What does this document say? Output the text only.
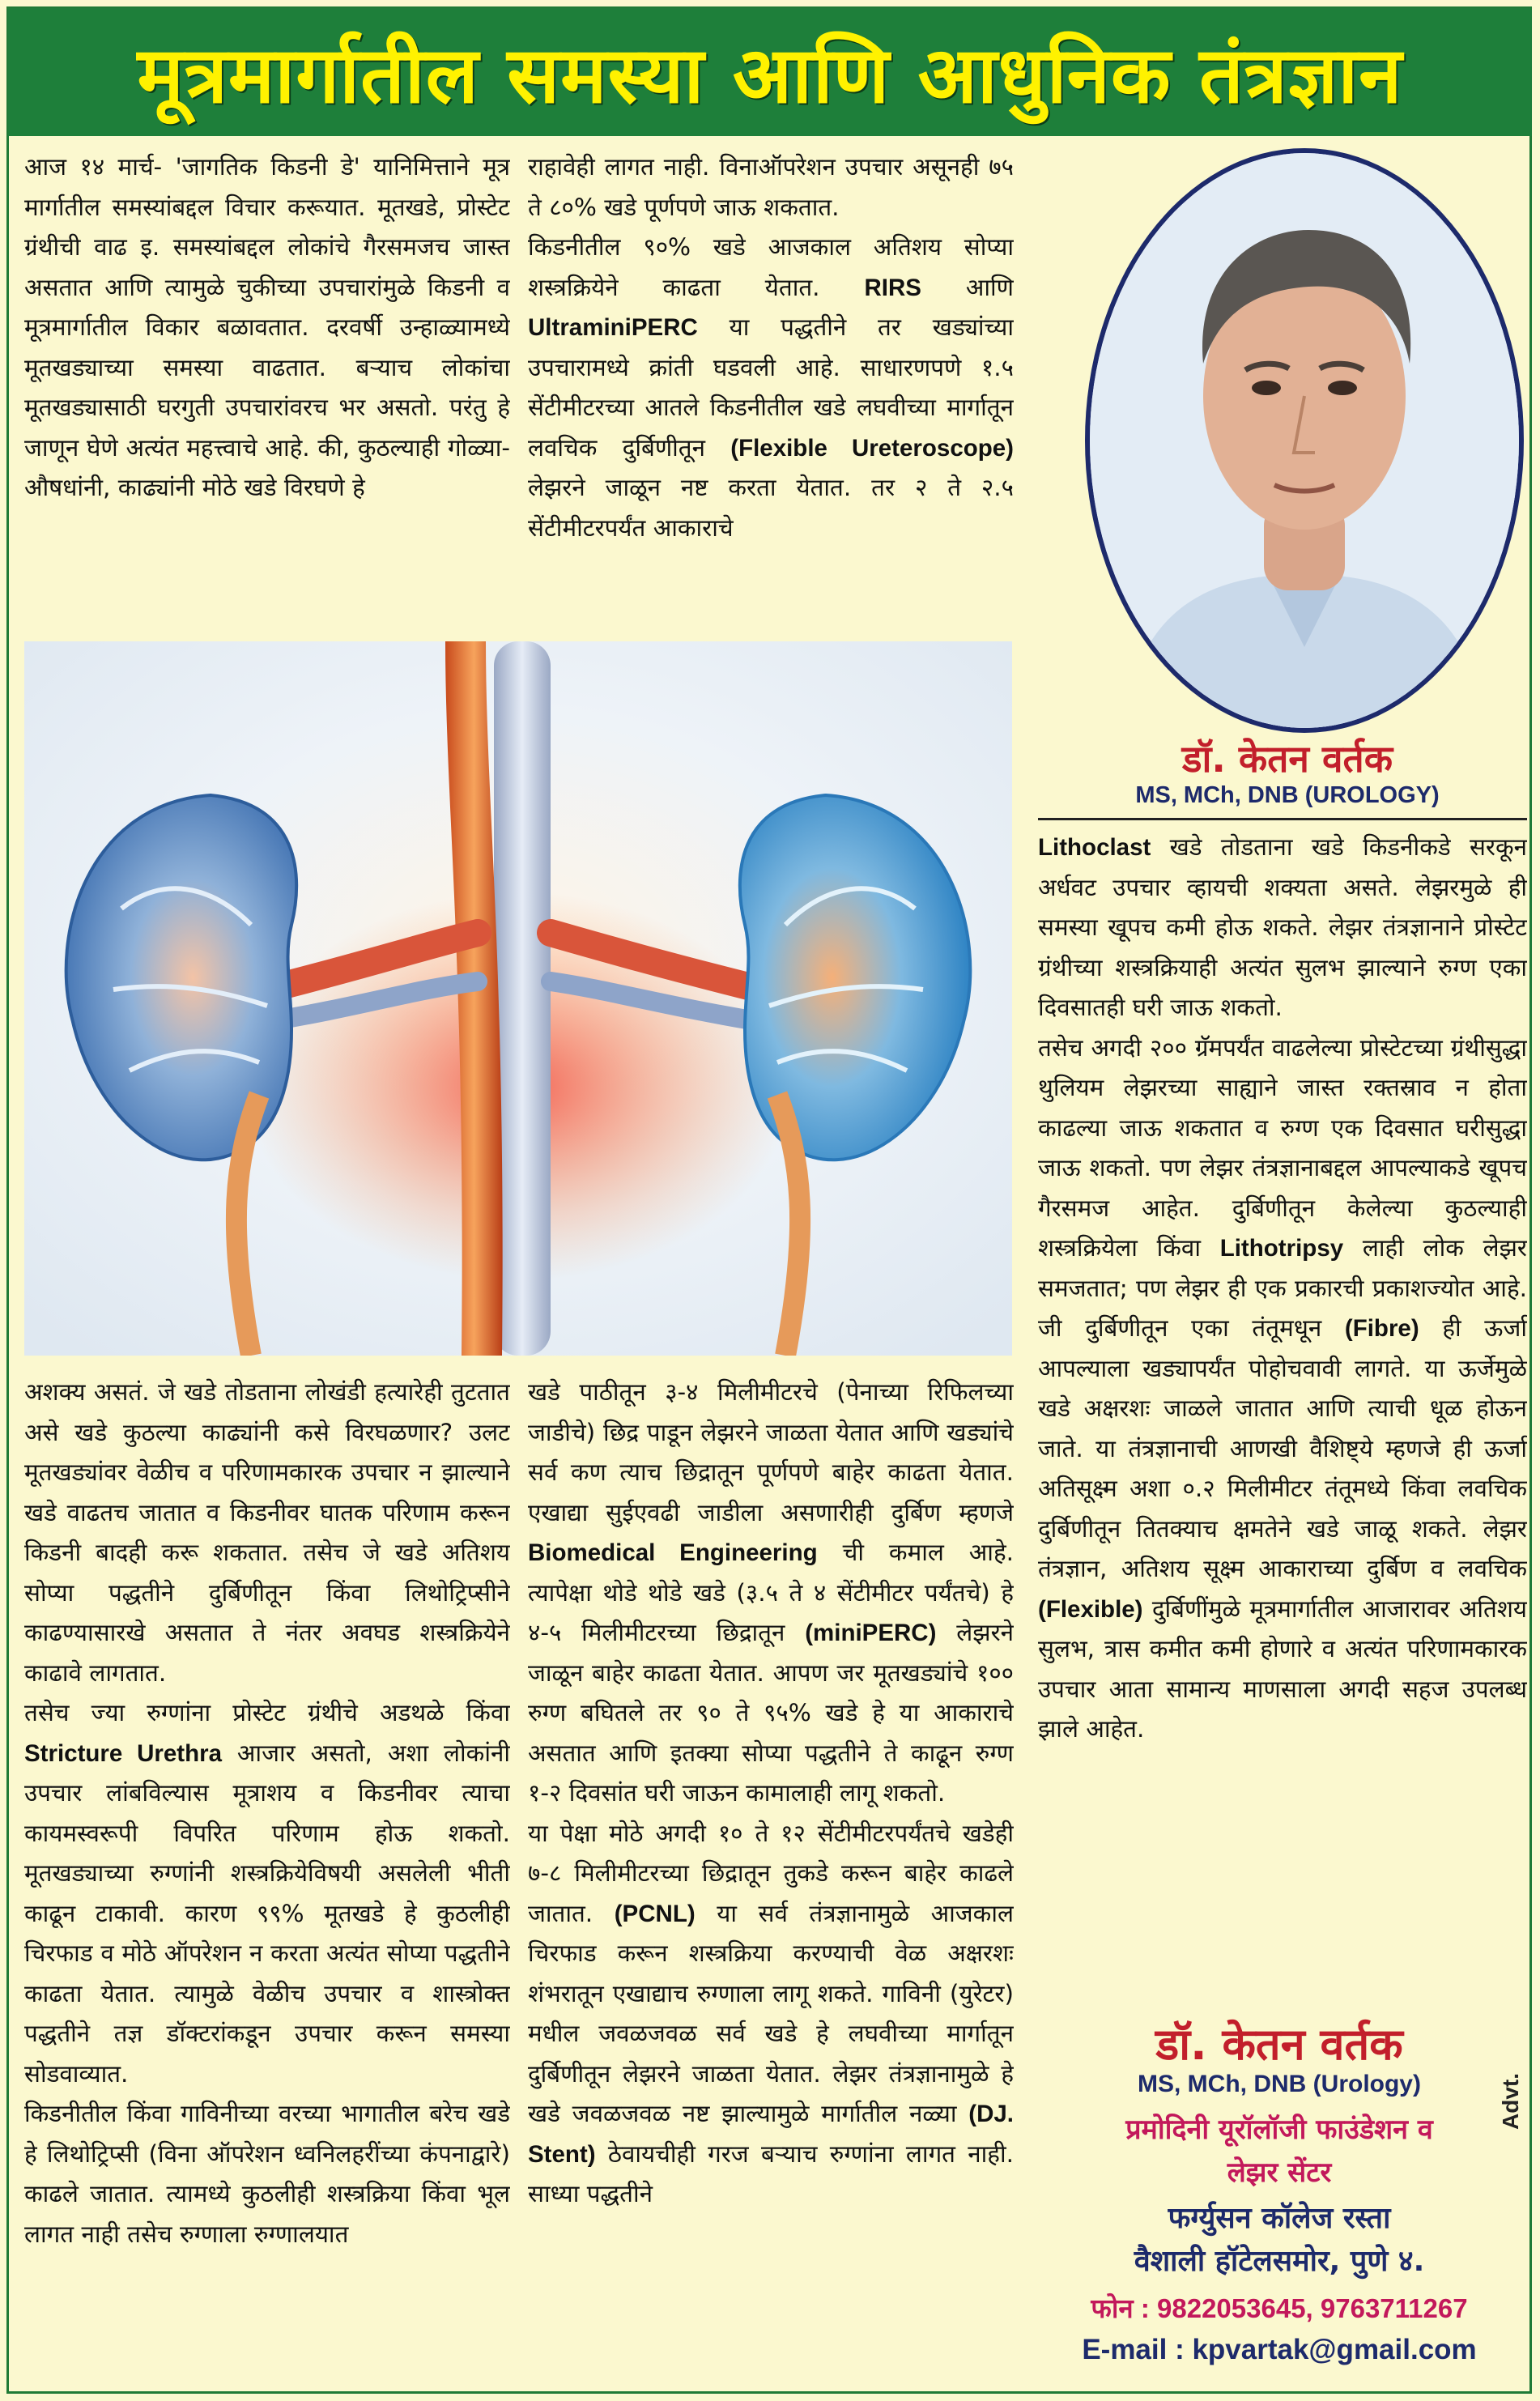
मूत्रमार्गातील समस्या आणि आधुनिक तंत्रज्ञान

आज १४ मार्च- 'जागतिक किडनी डे' यानिमित्ताने मूत्र मार्गातील समस्यांबद्दल विचार करूयात. मूतखडे, प्रोस्टेट ग्रंथीची वाढ इ. समस्यांबद्दल लोकांचे गैरसमजच जास्त असतात आणि त्यामुळे चुकीच्या उपचारांमुळे किडनी व मूत्रमार्गातील विकार बळावतात. दरवर्षी उन्हाळ्यामध्ये मूतखड्याच्या समस्या वाढतात. बऱ्याच लोकांचा मूतखड्यासाठी घरगुती उपचारांवरच भर असतो. परंतु हे जाणून घेणे अत्यंत महत्त्वाचे आहे. की, कुठल्याही गोळ्या-औषधांनी, काढ्यांनी मोठे खडे विरघणे हे

राहावेही लागत नाही. विनाऑपरेशन उपचार असूनही ७५ ते ८०% खडे पूर्णपणे जाऊ शकतात.

किडनीतील ९०% खडे आजकाल अतिशय सोप्या शस्त्रक्रियेने काढता येतात. RIRS आणि UltraminiPERC या पद्धतीने तर खड्यांच्या उपचारामध्ये क्रांती घडवली आहे. साधारणपणे १.५ सेंटीमीटरच्या आतले किडनीतील खडे लघवीच्या मार्गातून लवचिक दुर्बिणीतून (Flexible Ureteroscope) लेझरने जाळून नष्ट करता येतात. तर २ ते २.५ सेंटीमीटरपर्यंत आकाराचे

अशक्य असतं. जे खडे तोडताना लोखंडी हत्यारेही तुटतात असे खडे कुठल्या काढ्यांनी कसे विरघळणार? उलट मूतखड्यांवर वेळीच व परिणामकारक उपचार न झाल्याने खडे वाढतच जातात व किडनीवर घातक परिणाम करून किडनी बादही करू शकतात. तसेच जे खडे अतिशय सोप्या पद्धतीने दुर्बिणीतून किंवा लिथोट्रिप्सीने काढण्यासारखे असतात ते नंतर अवघड शस्त्रक्रियेने काढावे लागतात.

तसेच ज्या रुग्णांना प्रोस्टेट ग्रंथीचे अडथळे किंवा Stricture Urethra आजार असतो, अशा लोकांनी उपचार लांबविल्यास मूत्राशय व किडनीवर त्याचा कायमस्वरूपी विपरित परिणाम होऊ शकतो. मूतखड्याच्या रुग्णांनी शस्त्रक्रियेविषयी असलेली भीती काढून टाकावी. कारण ९९% मूतखडे हे कुठलीही चिरफाड व मोठे ऑपरेशन न करता अत्यंत सोप्या पद्धतीने काढता येतात. त्यामुळे वेळीच उपचार व शास्त्रोक्त पद्धतीने तज्ञ डॉक्टरांकडून उपचार करून समस्या सोडवाव्यात.

किडनीतील किंवा गाविनीच्या वरच्या भागातील बरेच खडे हे लिथोट्रिप्सी (विना ऑपरेशन ध्वनिलहरींच्या कंपनाद्वारे) काढले जातात. त्यामध्ये कुठलीही शस्त्रक्रिया किंवा भूल लागत नाही तसेच रुग्णाला रुग्णालयात

खडे पाठीतून ३-४ मिलीमीटरचे (पेनाच्या रिफिलच्या जाडीचे) छिद्र पाडून लेझरने जाळता येतात आणि खड्यांचे सर्व कण त्याच छिद्रातून पूर्णपणे बाहेर काढता येतात. एखाद्या सुईएवढी जाडीला असणारीही दुर्बिण म्हणजे Biomedical Engineering ची कमाल आहे. त्यापेक्षा थोडे थोडे खडे (३.५ ते ४ सेंटीमीटर पर्यंतचे) हे ४-५ मिलीमीटरच्या छिद्रातून (miniPERC) लेझरने जाळून बाहेर काढता येतात. आपण जर मूतखड्यांचे १०० रुग्ण बघितले तर ९० ते ९५% खडे हे या आकाराचे असतात आणि इतक्या सोप्या पद्धतीने ते काढून रुग्ण १-२ दिवसांत घरी जाऊन कामालाही लागू शकतो.

या पेक्षा मोठे अगदी १० ते १२ सेंटीमीटरपर्यंतचे खडेही ७-८ मिलीमीटरच्या छिद्रातून तुकडे करून बाहेर काढले जातात. (PCNL) या सर्व तंत्रज्ञानामुळे आजकाल चिरफाड करून शस्त्रक्रिया करण्याची वेळ अक्षरशः शंभरातून एखाद्याच रुग्णाला लागू शकते. गाविनी (युरेटर) मधील जवळजवळ सर्व खडे हे लघवीच्या मार्गातून दुर्बिणीतून लेझरने जाळता येतात. लेझर तंत्रज्ञानामुळे हे खडे जवळजवळ नष्ट झाल्यामुळे मार्गातील नळ्या (DJ. Stent) ठेवायचीही गरज बऱ्याच रुग्णांना लागत नाही. साध्या पद्धतीने

डॉ. केतन वर्तक
MS, MCh, DNB (UROLOGY)

Lithoclast खडे तोडताना खडे किडनीकडे सरकून अर्धवट उपचार व्हायची शक्यता असते. लेझरमुळे ही समस्या खूपच कमी होऊ शकते. लेझर तंत्रज्ञानाने प्रोस्टेट ग्रंथीच्या शस्त्रक्रियाही अत्यंत सुलभ झाल्याने रुग्ण एका दिवसातही घरी जाऊ शकतो.

तसेच अगदी २०० ग्रॅमपर्यंत वाढलेल्या प्रोस्टेटच्या ग्रंथीसुद्धा थुलियम लेझरच्या साह्याने जास्त रक्तस्राव न होता काढल्या जाऊ शकतात व रुग्ण एक दिवसात घरीसुद्धा जाऊ शकतो. पण लेझर तंत्रज्ञानाबद्दल आपल्याकडे खूपच गैरसमज आहेत. दुर्बिणीतून केलेल्या कुठल्याही शस्त्रक्रियेला किंवा Lithotripsy लाही लोक लेझर समजतात; पण लेझर ही एक प्रकारची प्रकाशज्योत आहे. जी दुर्बिणीतून एका तंतूमधून (Fibre) ही ऊर्जा आपल्याला खड्यापर्यंत पोहोचवावी लागते. या ऊर्जेमुळे खडे अक्षरशः जाळले जातात आणि त्याची धूळ होऊन जाते. या तंत्रज्ञानाची आणखी वैशिष्ट्ये म्हणजे ही ऊर्जा अतिसूक्ष्म अशा ०.२ मिलीमीटर तंतूमध्ये किंवा लवचिक दुर्बिणीतून तितक्याच क्षमतेने खडे जाळू शकते. लेझर तंत्रज्ञान, अतिशय सूक्ष्म आकाराच्या दुर्बिण व लवचिक (Flexible) दुर्बिणींमुळे मूत्रमार्गातील आजारावर अतिशय सुलभ, त्रास कमीत कमी होणारे व अत्यंत परिणामकारक उपचार आता सामान्य माणसाला अगदी सहज उपलब्ध झाले आहेत.

डॉ. केतन वर्तक
MS, MCh, DNB (Urology)
प्रमोदिनी यूरॉलॉजी फाउंडेशन व
लेझर सेंटर
फर्ग्युसन कॉलेज रस्ता
वैशाली हॉटेलसमोर, पुणे ४.
फोन : 9822053645, 9763711267
E-mail : kpvartak@gmail.com
Advt.
